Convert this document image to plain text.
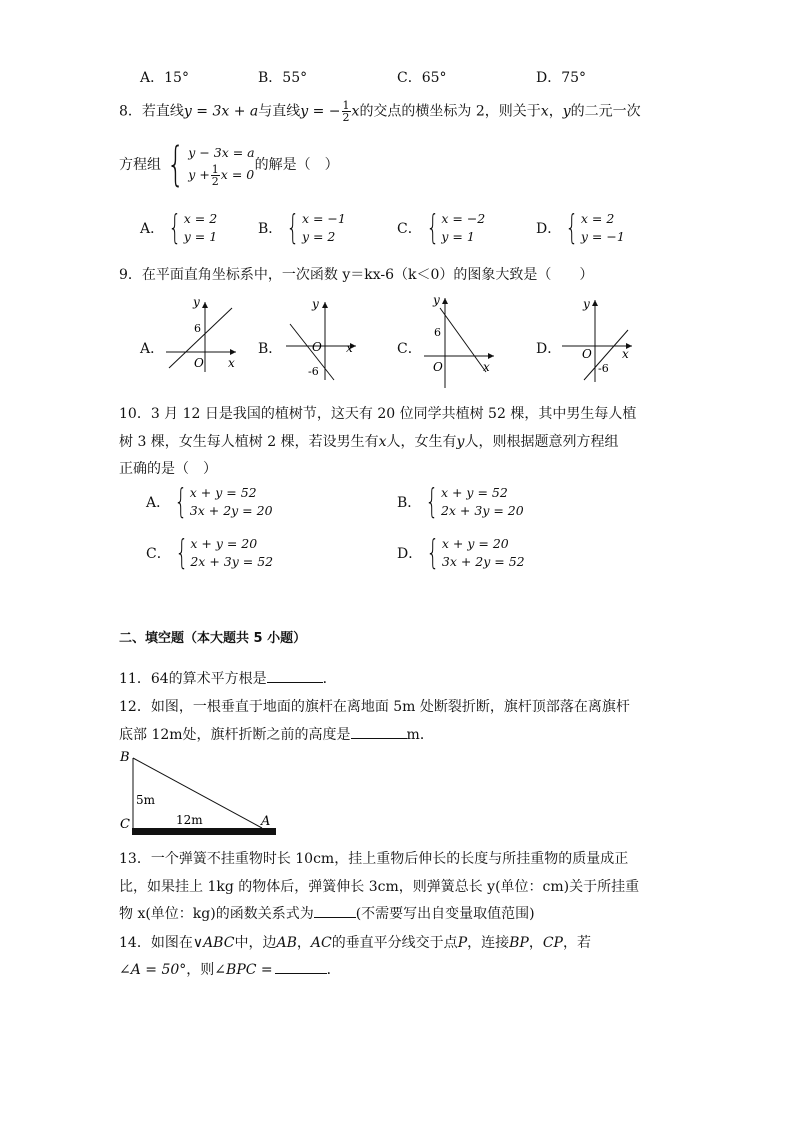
A．15°	B．55°	C．65°	D．75°
8．若直线y = 3x + a与直线y = − $\frac{1}{2}$ x的交点的横坐标为 2，则关于x，y的二元一次
方程组 { y − 3x = a
$y + \frac{1}{2}$ x = 0
的解是（　）
A． { x = 2
y = 1	B． { x = −1
y = 2	C． { x = −2
y = 1	D． { x = 2
y = −1
9．在平面直角坐标系中，一次函数 y＝kx-6（k＜0）的图象大致是（　　）
A．
y
6
O x
B．
y
O
-6
x	C．
y
6
O	x
D．
y
O
-6
x
10．3 月 12 日是我国的植树节，这天有 20 位同学共植树 52 棵，其中男生每人植
树 3 棵，女生每人植树 2 棵，若设男生有x人，女生有y人，则根据题意列方程组
正确的是（　）
A． { x + y = 52
3x + 2y = 20	B． { x + y = 52
2x + 3y = 20
C． { x + y = 20
2x + 3y = 52	D． { x + y = 20
3x + 2y = 52
二、填空题（本大题共 5 小题）
11．64的算术平方根是	．
12．如图，一根垂直于地面的旗杆在离地面 5m 处断裂折断，旗杆顶部落在离旗杆
底部 12m处，旗杆折断之前的高度是	m．
B
C	A
5m
12m
13．一个弹簧不挂重物时长 10cm，挂上重物后伸长的长度与所挂重物的质量成正
比，如果挂上 1kg 的物体后，弹簧伸长 3cm，则弹簧总长 y(单位：cm)关于所挂重
物 x(单位：kg)的函数关系式为	(不需要写出自变量取值范围)
14．如图在∨ABC中，边AB，AC的垂直平分线交于点P，连接BP，CP，若
∠A = 50°，则∠BPC =	．
